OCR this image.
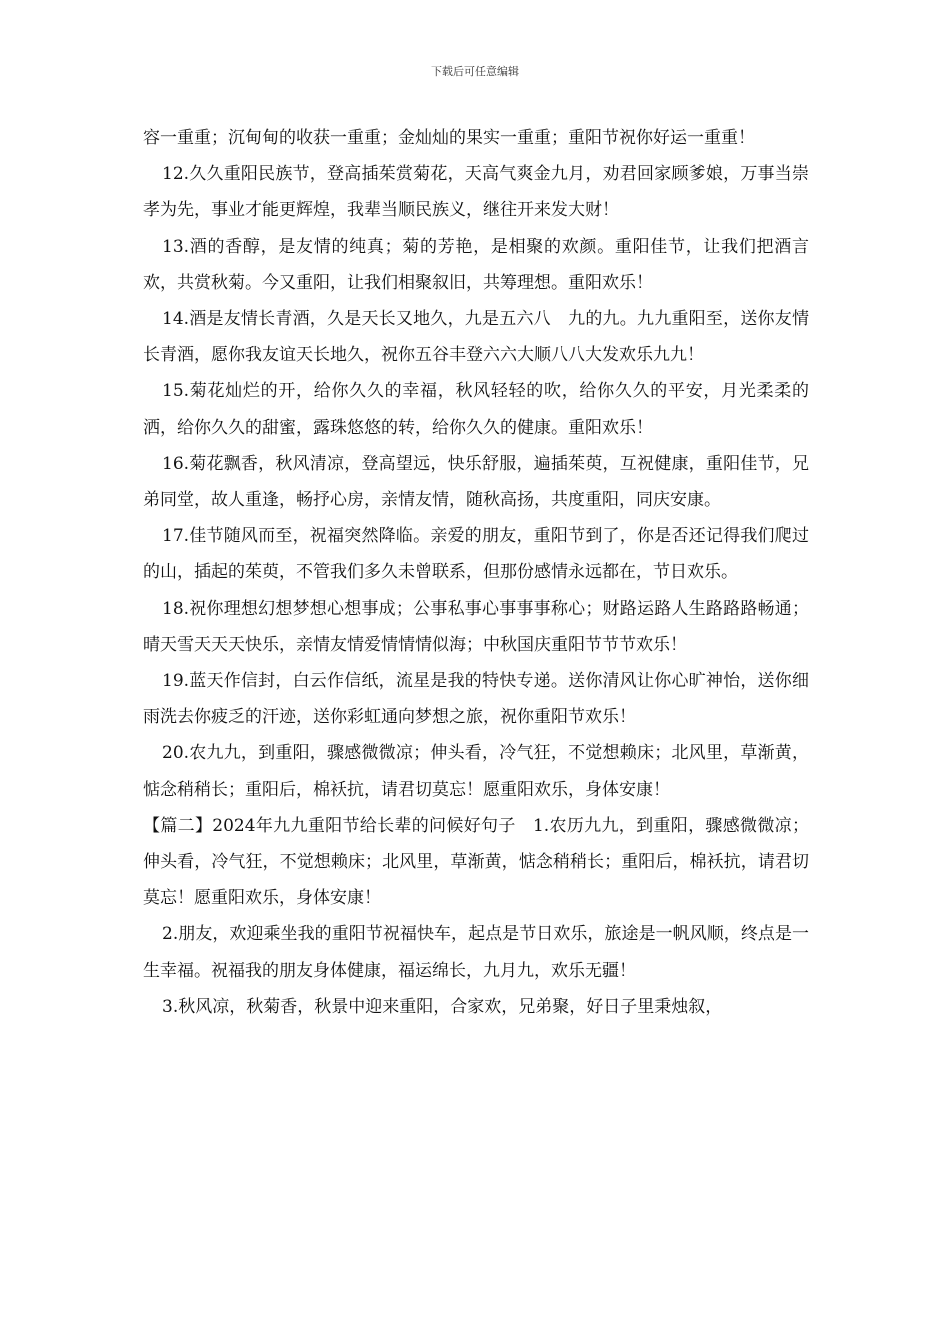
下载后可任意编辑

容一重重；沉甸甸的收获一重重；金灿灿的果实一重重；重阳节祝你好运一重重！

12.久久重阳民族节，登高插茱赏菊花，天高气爽金九月，劝君回家顾爹娘，万事当崇孝为先，事业才能更辉煌，我辈当顺民族义，继往开来发大财！

13.酒的香醇，是友情的纯真；菊的芳艳，是相聚的欢颜。重阳佳节，让我们把酒言欢，共赏秋菊。今又重阳，让我们相聚叙旧，共筹理想。重阳欢乐！

14.酒是友情长青酒，久是天长又地久，九是五六八　九的九。九九重阳至，送你友情长青酒，愿你我友谊天长地久，祝你五谷丰登六六大顺八八大发欢乐九九！

15.菊花灿烂的开，给你久久的幸福，秋风轻轻的吹，给你久久的平安，月光柔柔的洒，给你久久的甜蜜，露珠悠悠的转，给你久久的健康。重阳欢乐！

16.菊花飘香，秋风清凉，登高望远，快乐舒服，遍插茱萸，互祝健康，重阳佳节，兄弟同堂，故人重逢，畅抒心房，亲情友情，随秋高扬，共度重阳，同庆安康。

17.佳节随风而至，祝福突然降临。亲爱的朋友，重阳节到了，你是否还记得我们爬过的山，插起的茱萸，不管我们多久未曾联系，但那份感情永远都在，节日欢乐。

18.祝你理想幻想梦想心想事成；公事私事心事事事称心；财路运路人生路路路畅通；晴天雪天天天快乐，亲情友情爱情情情似海；中秋国庆重阳节节节欢乐！

19.蓝天作信封，白云作信纸，流星是我的特快专递。送你清风让你心旷神怡，送你细雨洗去你疲乏的汗迹，送你彩虹通向梦想之旅，祝你重阳节欢乐！

20.农九九，到重阳，骤感微微凉；伸头看，冷气狂，不觉想赖床；北风里，草渐黄，惦念稍稍长；重阳后，棉袄抗，请君切莫忘！愿重阳欢乐，身体安康！

【篇二】2024年九九重阳节给长辈的问候好句子　1.农历九九，到重阳，骤感微微凉；伸头看，冷气狂，不觉想赖床；北风里，草渐黄，惦念稍稍长；重阳后，棉袄抗，请君切莫忘！愿重阳欢乐，身体安康！

2.朋友，欢迎乘坐我的重阳节祝福快车，起点是节日欢乐，旅途是一帆风顺，终点是一生幸福。祝福我的朋友身体健康，福运绵长，九月九，欢乐无疆！

3.秋风凉，秋菊香，秋景中迎来重阳，合家欢，兄弟聚，好日子里秉烛叙，
